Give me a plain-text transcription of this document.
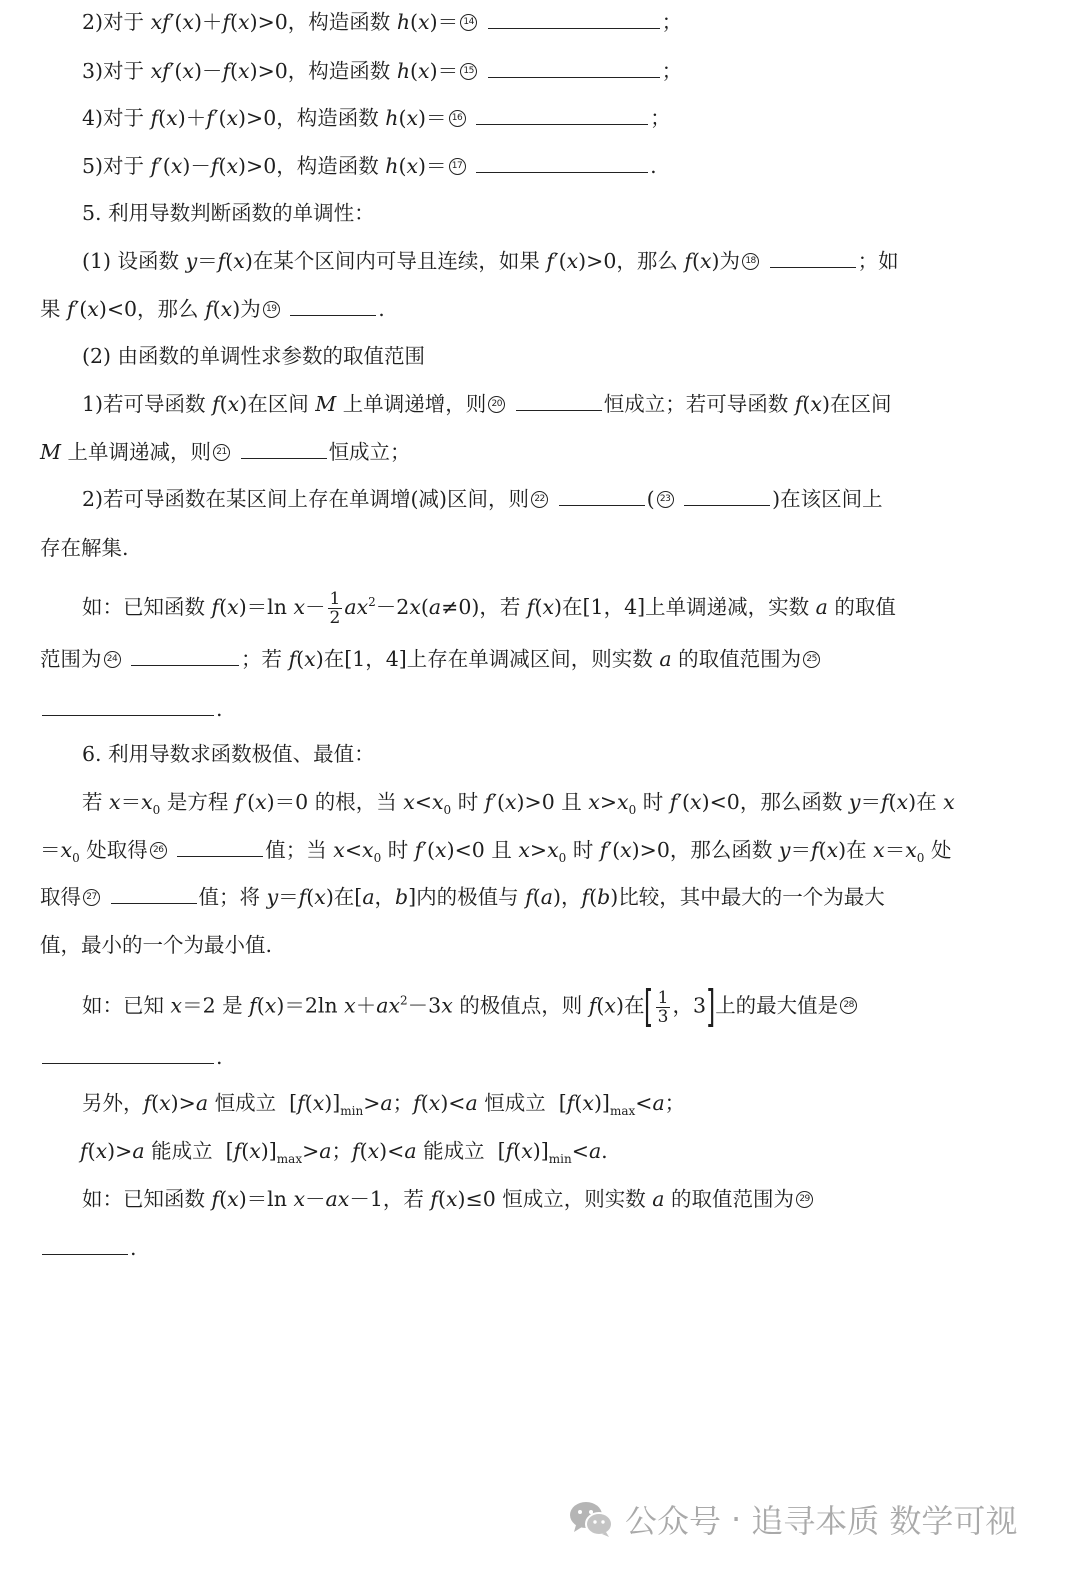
2)对于 xf′(x)＋f(x)>0，构造函数 h(x)＝ 14	；
3)对于 xf′(x)－f(x)>0，构造函数 h(x)＝ 15	；
4)对于 f(x)＋f′(x)>0，构造函数 h(x)＝ 16	；
5)对于 f′(x)－f(x)>0，构造函数 h(x)＝ 17	.
5. 利用导数判断函数的单调性：
(1) 设函数 y＝f(x)在某个区间内可导且连续，如果 f′(x)>0，那么 f(x)为 18	；如
果 f′(x)<0，那么 f(x)为 19	.
(2) 由函数的单调性求参数的取值范围
1)若可导函数 f(x)在区间 M 上单调递增，则 20	恒成立；若可导函数 f(x)在区间
M 上单调递减，则 21	恒成立；
2)若可导函数在某区间上存在单调增(减)区间，则 22	( 23	)在该区间上
存在解集.
如：已知函数 f(x)＝ln $x- \frac{1}{2} ax^2-2x(a\ne 0)$，若 f(x)在[1，4]上单调递减，实数 a 的取值
范围为 24	；若 f(x)在[1，4]上存在单调减区间，则实数 a 的取值范围为 25
.
6. 利用导数求函数极值、最值：
若 $x=x_0$ 是方程 f′(x)＝0 的根，当 $x<x_0$ 时 f′(x)>0 且 $x>x_0$ 时 f′(x)<0，那么函数 y＝f(x)在 x
$=x_0$ 处取得 26	值；当 $x<x_0$ 时 f′(x)<0 且 $x>x_0$ 时 f′(x)>0，那么函数 y＝f(x)在 $x=x_0$ 处
取得 27	值；将 y＝f(x)在[a，b]内的极值与 f(a)，f(b)比较，其中最大的一个为最大
值，最小的一个为最小值.
如：已知 x＝2 是 f(x)＝2ln $x+ax^2-3x$ 的极值点，则 f(x)在[ $\frac{1}{3}$ ，3]上的最大值是 28
.
另外，f(x)>a 恒成立  $[f(x)]_{min}>a$；f(x)<a 恒成立  $[f(x)]_{max}<a$；
f(x)>a 能成立  $[f(x)]_{max}>a$；f(x)<a 能成立  $[f(x)]_{min}<a$.
如：已知函数 f(x)＝ln x－ax－1，若 f(x)≤0 恒成立，则实数 a 的取值范围为 29
.
公众号 · 追寻本质 数学可视
